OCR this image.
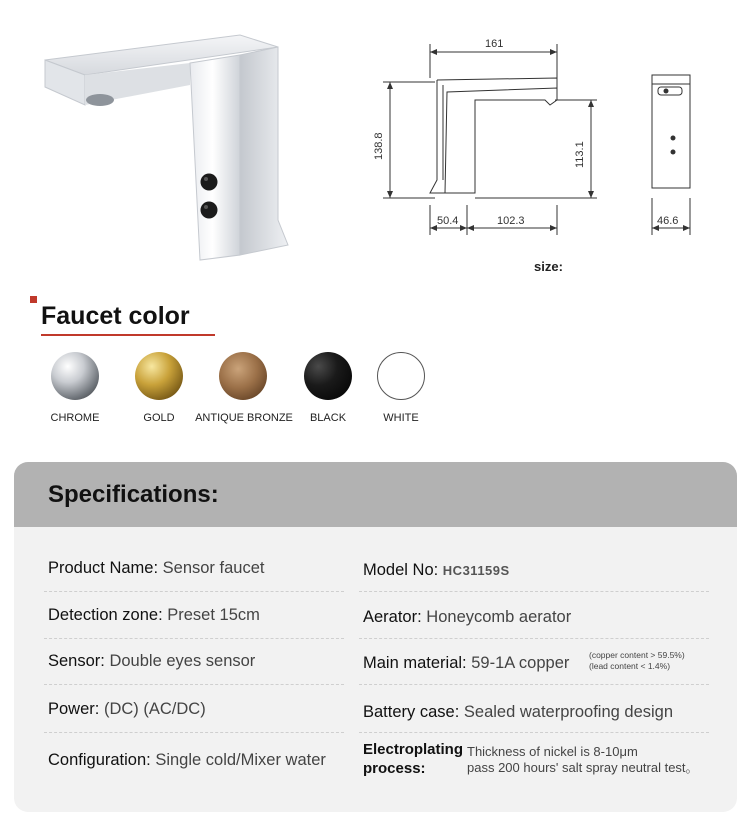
161
138.8	113.1
50.4	102.3	46.6
size:
Faucet color
CHROME	GOLD	ANTIQUE BRONZE	BLACK	WHITE
Specifications:
Product Name: Sensor faucet
Detection zone: Preset 15cm
Sensor: Double eyes sensor
Power: (DC) (AC/DC)
Configuration: Single cold/Mixer water
Model No: HC31159S
Aerator: Honeycomb aerator
Main material: 59-1A copper (copper content > 59.5%)
(lead content < 1.4%)
Battery case: Sealed waterproofing design
Electroplating
process:
Thickness of nickel is 8-10μm
pass 200 hours' salt spray neutral test。
